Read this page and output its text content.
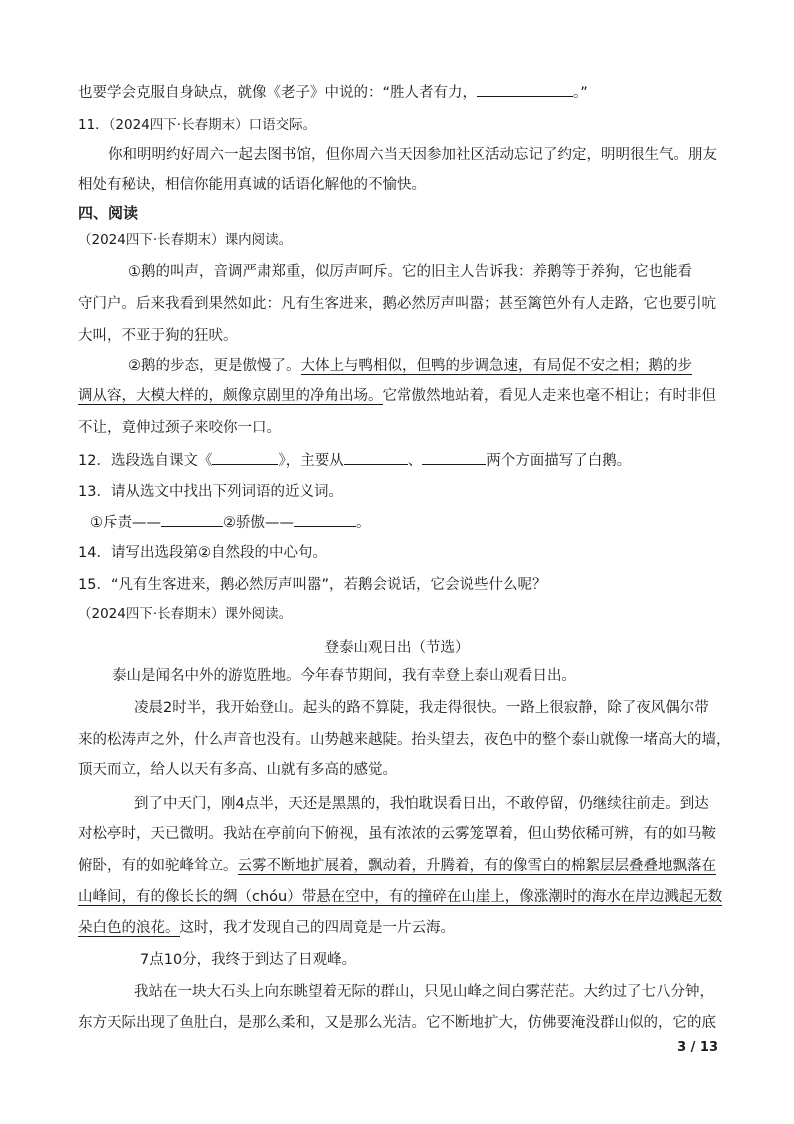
也要学会克服自身缺点，就像《老子》中说的：“胜人者有力，	。”
11．（2024四下·长春期末）口语交际。
你和明明约好周六一起去图书馆，但你周六当天因参加社区活动忘记了约定，明明很生气。朋友
相处有秘诀，相信你能用真诚的话语化解他的不愉快。
四、阅读
（2024四下·长春期末）课内阅读。
①鹅的叫声，音调严肃郑重，似厉声呵斥。它的旧主人告诉我：养鹅等于养狗，它也能看
守门户。后来我看到果然如此：凡有生客进来，鹅必然厉声叫嚣；甚至篱笆外有人走路，它也要引吭
大叫，不亚于狗的狂吠。
②鹅的步态，更是傲慢了。大体上与鸭相似，但鸭的步调急速，有局促不安之相；鹅的步
调从容，大模大样的，颇像京剧里的净角出场。它常傲然地站着，看见人走来也毫不相让；有时非但
不让，竟伸过颈子来咬你一口。
12．选段选自课文《	》，主要从	、	两个方面描写了白鹅。
13．请从选文中找出下列词语的近义词。
①斥责——	②骄傲——	。
14．请写出选段第②自然段的中心句。
15．“凡有生客进来，鹅必然厉声叫嚣”，若鹅会说话，它会说些什么呢？
（2024四下·长春期末）课外阅读。
登泰山观日出（节选）
泰山是闻名中外的游览胜地。今年春节期间，我有幸登上泰山观看日出。
凌晨2时半，我开始登山。起头的路不算陡，我走得很快。一路上很寂静，除了夜风偶尔带
来的松涛声之外，什么声音也没有。山势越来越陡。抬头望去，夜色中的整个泰山就像一堵高大的墙，
顶天而立，给人以天有多高、山就有多高的感觉。
到了中天门，刚4点半，天还是黑黑的，我怕耽误看日出，不敢停留，仍继续往前走。到达
对松亭时，天已微明。我站在亭前向下俯视，虽有浓浓的云雾笼罩着，但山势依稀可辨，有的如马鞍
俯卧，有的如驼峰耸立。云雾不断地扩展着，飘动着，升腾着，有的像雪白的棉絮层层叠叠地飘落在
山峰间，有的像长长的绸（chóu）带悬在空中，有的撞碎在山崖上，像涨潮时的海水在岸边溅起无数
朵白色的浪花。这时，我才发现自己的四周竟是一片云海。
7点10分，我终于到达了日观峰。
我站在一块大石头上向东眺望着无际的群山，只见山峰之间白雾茫茫。大约过了七八分钟，
东方天际出现了鱼肚白，是那么柔和，又是那么光洁。它不断地扩大，仿佛要淹没群山似的，它的底
3 / 13
